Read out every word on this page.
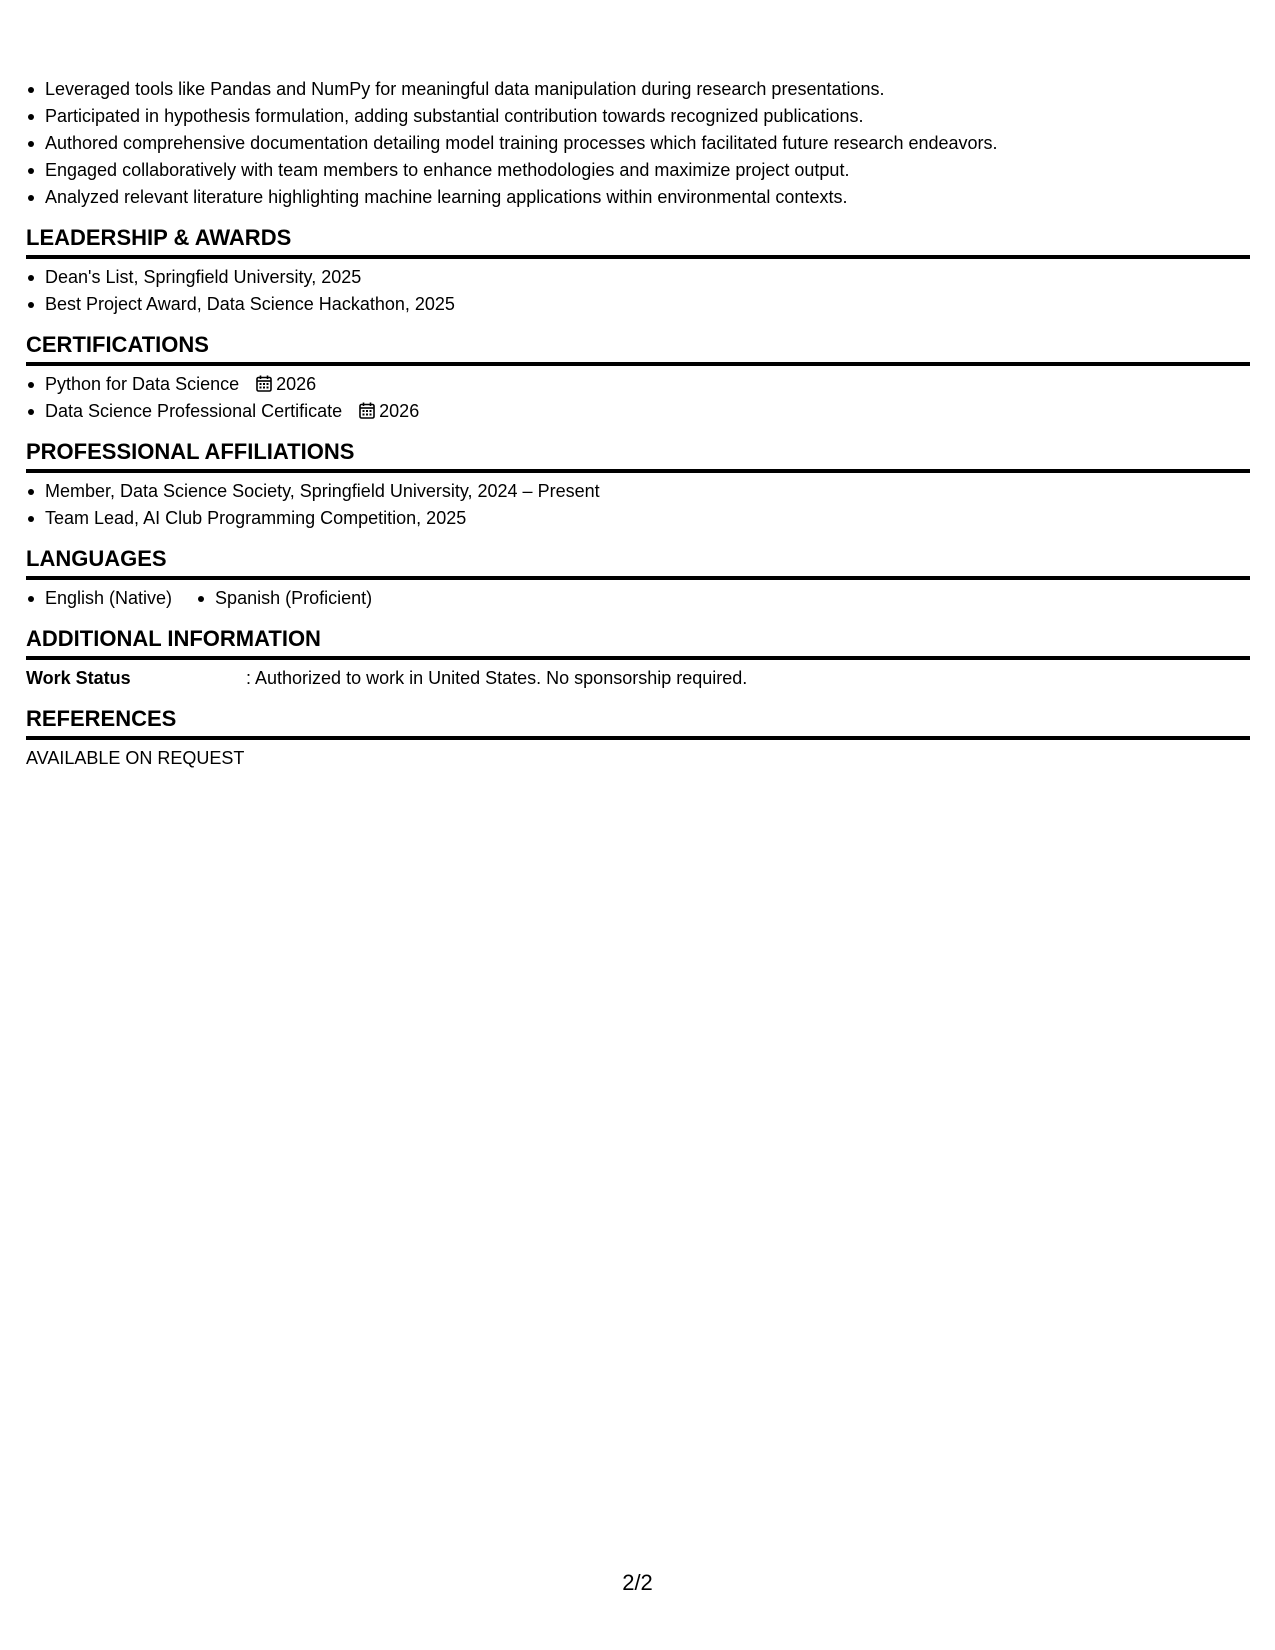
Leveraged tools like Pandas and NumPy for meaningful data manipulation during research presentations.
Participated in hypothesis formulation, adding substantial contribution towards recognized publications.
Authored comprehensive documentation detailing model training processes which facilitated future research endeavors.
Engaged collaboratively with team members to enhance methodologies and maximize project output.
Analyzed relevant literature highlighting machine learning applications within environmental contexts.
LEADERSHIP & AWARDS
Dean's List, Springfield University, 2025
Best Project Award, Data Science Hackathon, 2025
CERTIFICATIONS
Python for Data Science 2026
Data Science Professional Certificate 2026
PROFESSIONAL AFFILIATIONS
Member, Data Science Society, Springfield University, 2024 – Present
Team Lead, AI Club Programming Competition, 2025
LANGUAGES
English (Native)	Spanish (Proficient)
ADDITIONAL INFORMATION
Work Status	: Authorized to work in United States. No sponsorship required.
REFERENCES
AVAILABLE ON REQUEST
2/2
